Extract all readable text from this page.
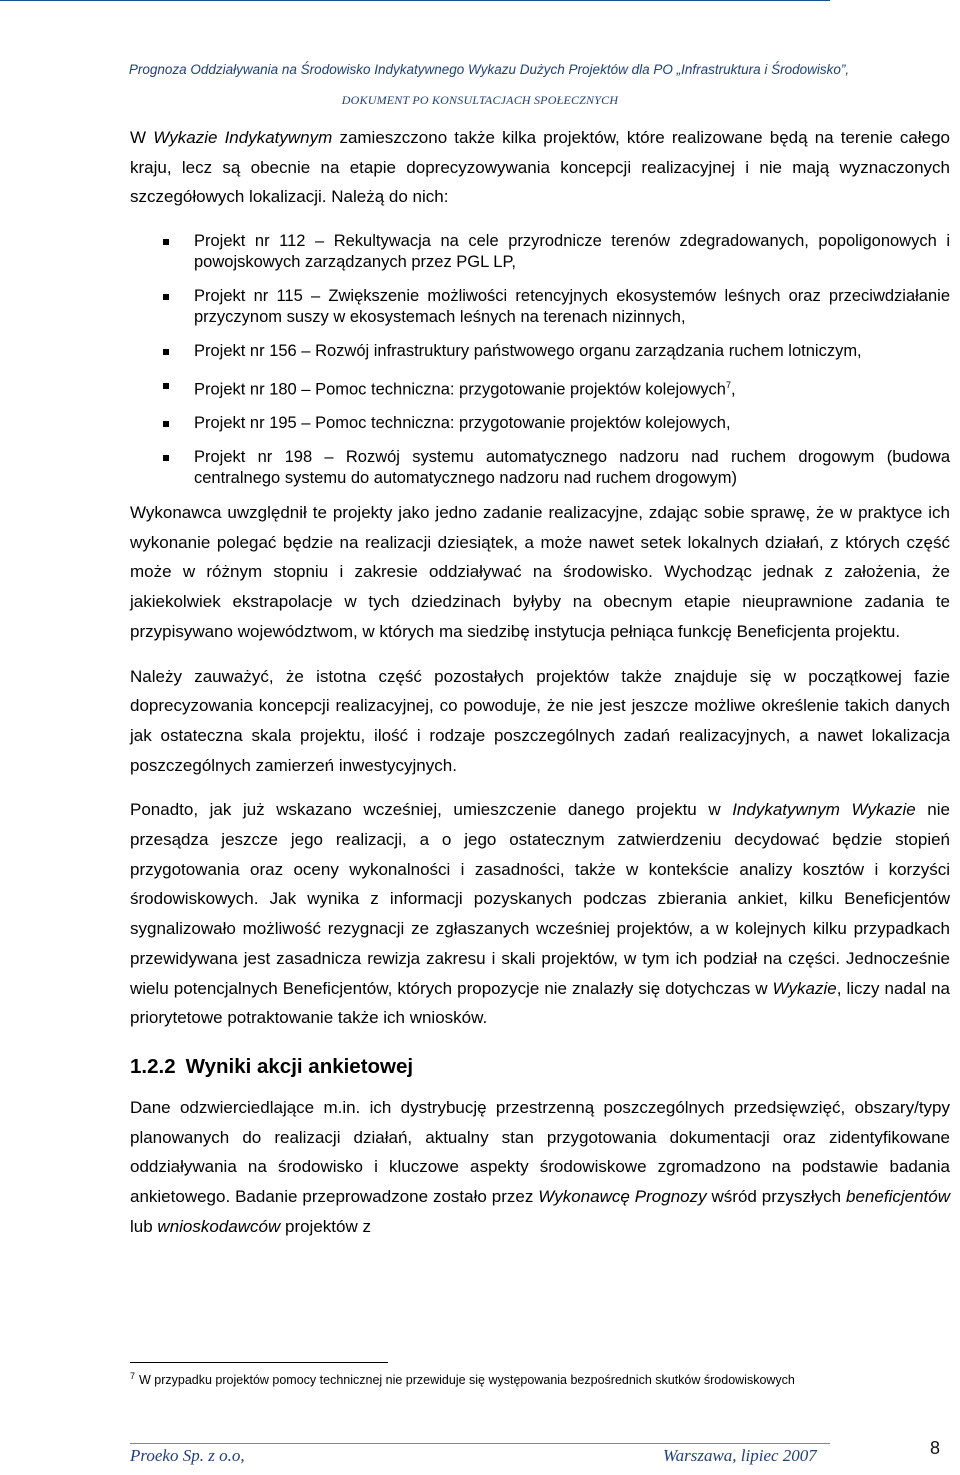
Prognoza Oddziaływania na Środowisko Indykatywnego Wykazu Dużych Projektów dla PO „Infrastruktura i Środowisko”,
DOKUMENT PO KONSULTACJACH SPOŁECZNYCH

W Wykazie Indykatywnym zamieszczono także kilka projektów, które realizowane będą na terenie całego kraju, lecz są obecnie na etapie doprecyzowywania koncepcji realizacyjnej i nie mają wyznaczonych szczegółowych lokalizacji. Należą do nich:

Projekt nr 112 – Rekultywacja na cele przyrodnicze terenów zdegradowanych, popoligonowych i powojskowych zarządzanych przez PGL LP,
Projekt nr 115 – Zwiększenie możliwości retencyjnych ekosystemów leśnych oraz przeciwdziałanie przyczynom suszy w ekosystemach leśnych na terenach nizinnych,
Projekt nr 156 – Rozwój infrastruktury państwowego organu zarządzania ruchem lotniczym,
Projekt nr 180 – Pomoc techniczna: przygotowanie projektów kolejowych$^7$,
Projekt nr 195 – Pomoc techniczna: przygotowanie projektów kolejowych,
Projekt nr 198 – Rozwój systemu automatycznego nadzoru nad ruchem drogowym (budowa centralnego systemu do automatycznego nadzoru nad ruchem drogowym)

Wykonawca uwzględnił te projekty jako jedno zadanie realizacyjne, zdając sobie sprawę, że w praktyce ich wykonanie polegać będzie na realizacji dziesiątek, a może nawet setek lokalnych działań, z których część może w różnym stopniu i zakresie oddziaływać na środowisko. Wychodząc jednak z założenia, że jakiekolwiek ekstrapolacje w tych dziedzinach byłyby na obecnym etapie nieuprawnione zadania te przypisywano województwom, w których ma siedzibę instytucja pełniąca funkcję Beneficjenta projektu.

Należy zauważyć, że istotna część pozostałych projektów także znajduje się w początkowej fazie doprecyzowania koncepcji realizacyjnej, co powoduje, że nie jest jeszcze możliwe określenie takich danych jak ostateczna skala projektu, ilość i rodzaje poszczególnych zadań realizacyjnych, a nawet lokalizacja poszczególnych zamierzeń inwestycyjnych.

Ponadto, jak już wskazano wcześniej, umieszczenie danego projektu w Indykatywnym Wykazie nie przesądza jeszcze jego realizacji, a o jego ostatecznym zatwierdzeniu decydować będzie stopień przygotowania oraz oceny wykonalności i zasadności, także w kontekście analizy kosztów i korzyści środowiskowych. Jak wynika z informacji pozyskanych podczas zbierania ankiet, kilku Beneficjentów sygnalizowało możliwość rezygnacji ze zgłaszanych wcześniej projektów, a w kolejnych kilku przypadkach przewidywana jest zasadnicza rewizja zakresu i skali projektów, w tym ich podział na części. Jednocześnie wielu potencjalnych Beneficjentów, których propozycje nie znalazły się dotychczas w Wykazie, liczy nadal na priorytetowe potraktowanie także ich wniosków.

1.2.2 Wyniki akcji ankietowej

Dane odzwierciedlające m.in. ich dystrybucję przestrzenną poszczególnych przedsięwzięć, obszary/typy planowanych do realizacji działań, aktualny stan przygotowania dokumentacji oraz zidentyfikowane oddziaływania na środowisko i kluczowe aspekty środowiskowe zgromadzono na podstawie badania ankietowego. Badanie przeprowadzone zostało przez Wykonawcę Prognozy wśród przyszłych beneficjentów lub wnioskodawców projektów z

$^7$ W przypadku projektów pomocy technicznej nie przewiduje się występowania bezpośrednich skutków środowiskowych
8
Proeko Sp. z o.o,	Warszawa, lipiec 2007
